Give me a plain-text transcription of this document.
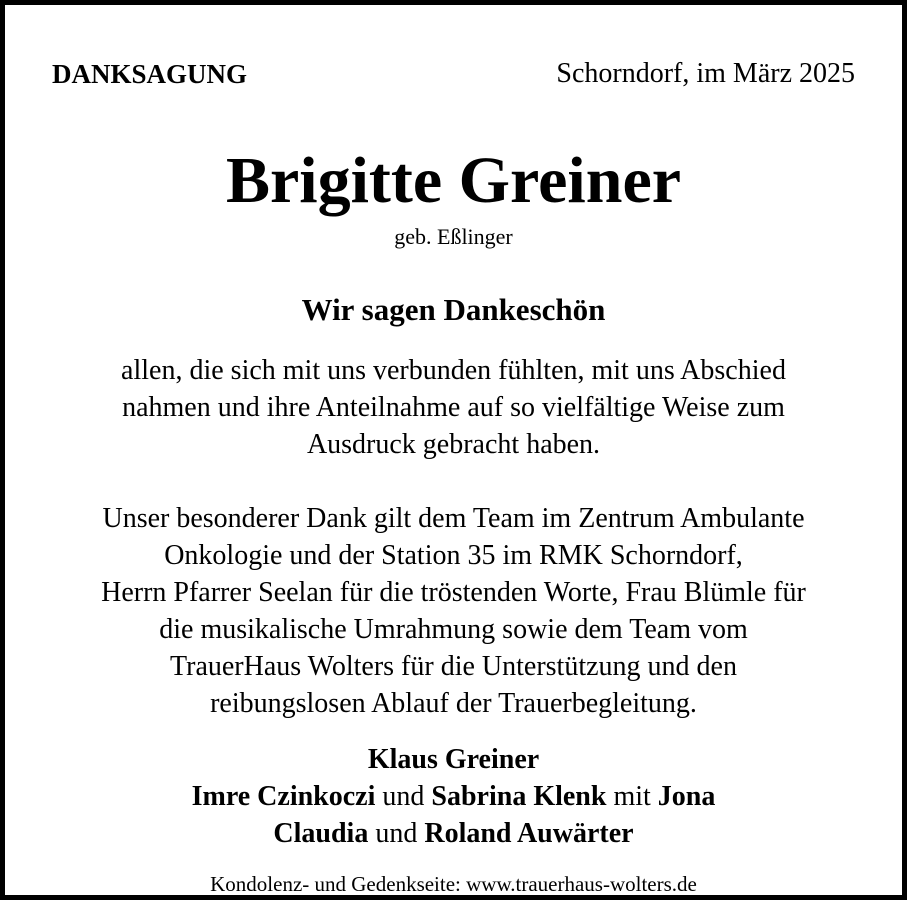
DANKSAGUNG	Schorndorf, im März 2025
Brigitte Greiner
geb. Eßlinger
Wir sagen Dankeschön
allen, die sich mit uns verbunden fühlten, mit uns Abschied
nahmen und ihre Anteilnahme auf so vielfältige Weise zum
Ausdruck gebracht haben.
Unser besonderer Dank gilt dem Team im Zentrum Ambulante
Onkologie und der Station 35 im RMK Schorndorf,
Herrn Pfarrer Seelan für die tröstenden Worte, Frau Blümle für
die musikalische Umrahmung sowie dem Team vom
TrauerHaus Wolters für die Unterstützung und den
reibungslosen Ablauf der Trauerbegleitung.
Klaus Greiner
Imre Czinkoczi und Sabrina Klenk mit Jona
Claudia und Roland Auwärter
Kondolenz- und Gedenkseite: www.trauerhaus-wolters.de
